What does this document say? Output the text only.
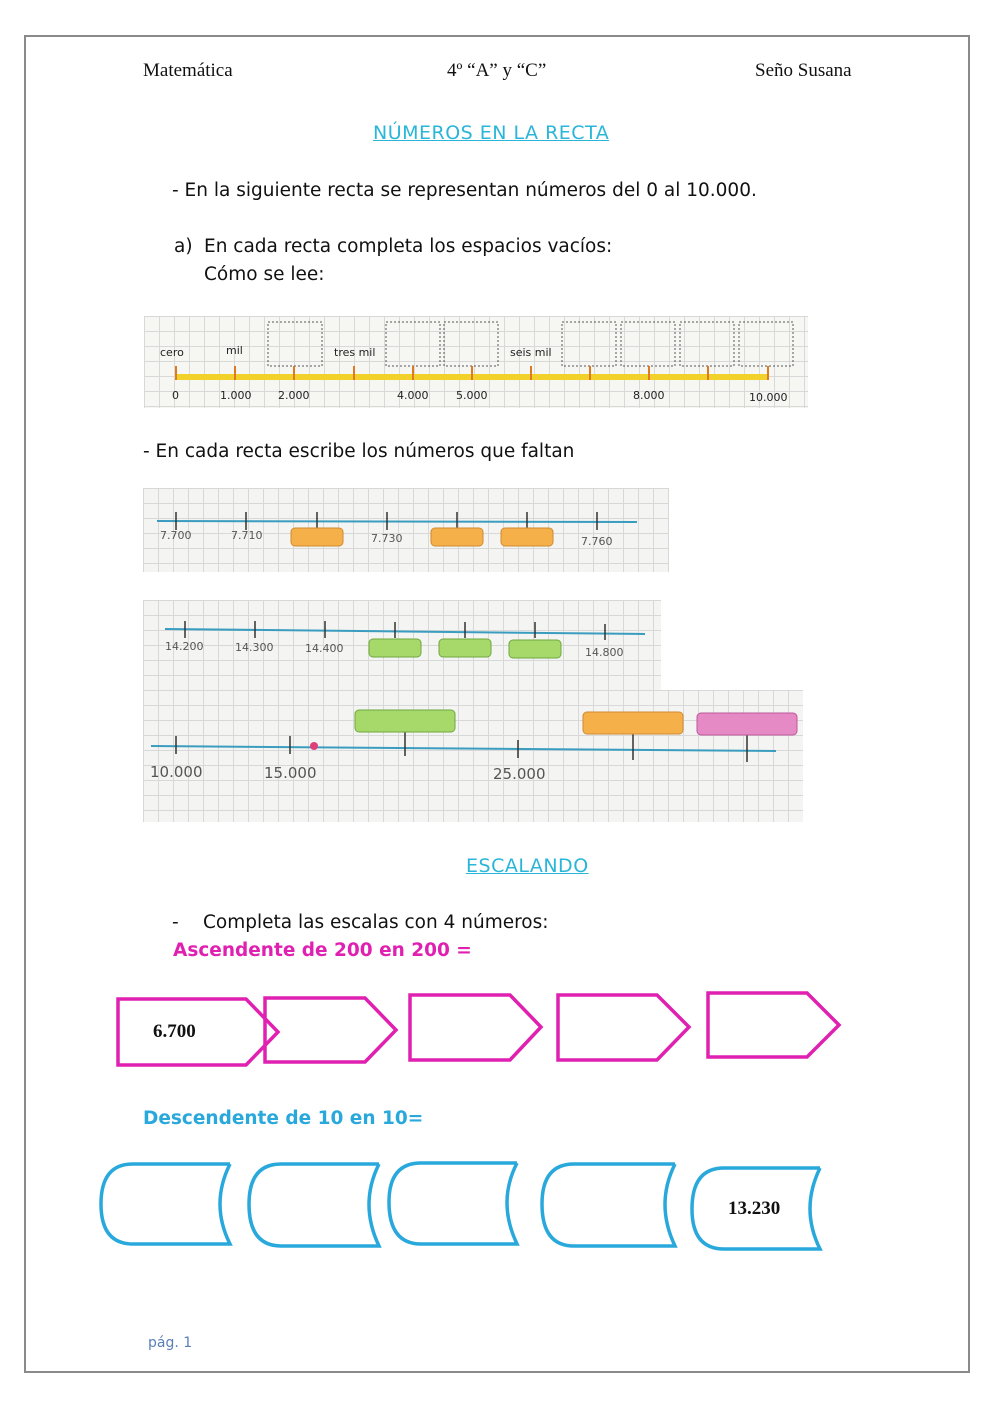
Matemática	4º “A” y “C”	Seño Susana
NÚMEROS EN LA RECTA
- En la siguiente recta se representan números del 0 al 10.000.
a) En cada recta completa los espacios vacíos:
Cómo se lee:
cero	mil	tres mil	seis mil
0	1.000 2.000	4.000	5.000	8.000	10.000
- En cada recta escribe los números que faltan
7.700	7.710	7.730	7.760
14.200	14.300	14.400	14.800
10.000	15.000	25.000
ESCALANDO
- Completa las escalas con 4 números:
Ascendente de 200 en 200 =
6.700
Descendente de 10 en 10=
13.230
pág. 1
